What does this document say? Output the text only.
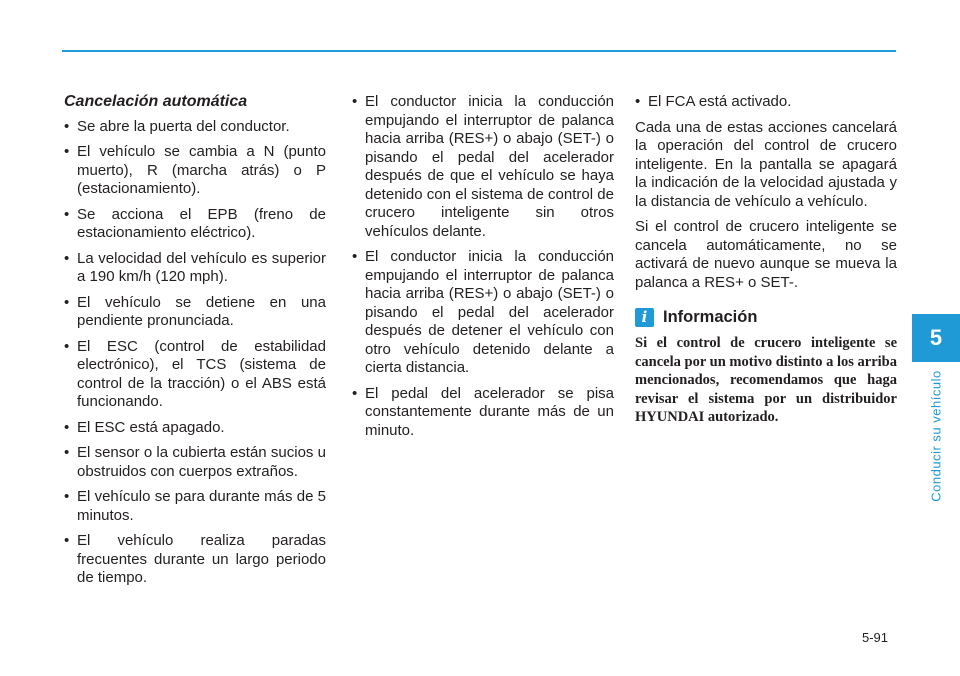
Cancelación automática
• Se abre la puerta del conductor.
• El vehículo se cambia a N (punto muerto), R (marcha atrás) o P (estacionamiento).
• Se acciona el EPB (freno de estacionamiento eléctrico).
• La velocidad del vehículo es superior a 190 km/h (120 mph).
• El vehículo se detiene en una pendiente pronunciada.
• El ESC (control de estabilidad electrónico), el TCS (sistema de control de la tracción) o el ABS está funcionando.
• El ESC está apagado.
• El sensor o la cubierta están sucios u obstruidos con cuerpos extraños.
• El vehículo se para durante más de 5 minutos.
• El vehículo realiza paradas frecuentes durante un largo periodo de tiempo.
• El conductor inicia la conducción empujando el interruptor de palanca hacia arriba (RES+) o abajo (SET-) o pisando el pedal del acelerador después de que el vehículo se haya detenido con el sistema de control de crucero inteligente sin otros vehículos delante.
• El conductor inicia la conducción empujando el interruptor de palanca hacia arriba (RES+) o abajo (SET-) o pisando el pedal del acelerador después de detener el vehículo con otro vehículo detenido delante a cierta distancia.
• El pedal del acelerador se pisa constantemente durante más de un minuto.
• El FCA está activado.

Cada una de estas acciones cancelará la operación del control de crucero inteligente. En la pantalla se apagará la indicación de la velocidad ajustada y la distancia de vehículo a vehículo.

Si el control de crucero inteligente se cancela automáticamente, no se activará de nuevo aunque se mueva la palanca a RES+ o SET-.

i Información

Si el control de crucero inteligente se cancela por un motivo distinto a los arriba mencionados, recomendamos que haga revisar el sistema por un distribuidor HYUNDAI autorizado.

5
Conducir su vehículo
5-91
